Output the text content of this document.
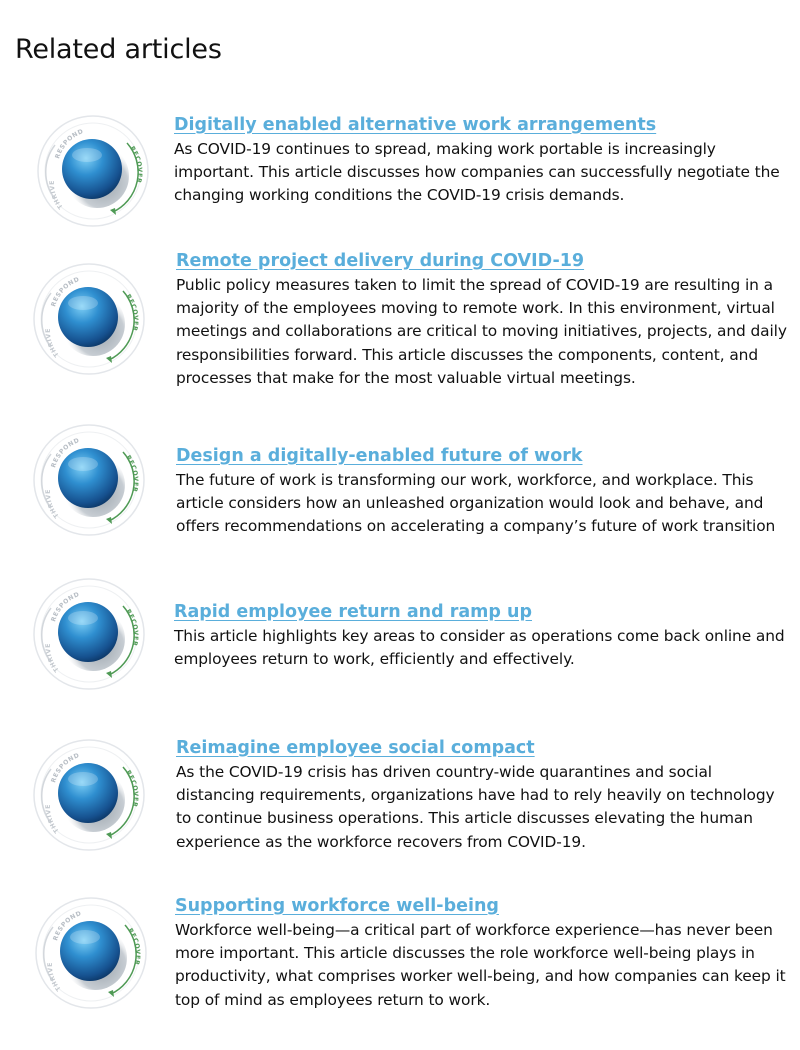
Related articles
RESPOND
RECOVER
THRIVE
Digitally enabled alternative work arrangements

As COVID-19 continues to spread, making work portable is increasingly important. This article discusses how companies can successfully negotiate the changing working conditions the COVID-19 crisis demands.

RESPOND
RECOVER
THRIVE
Remote project delivery during COVID-19

Public policy measures taken to limit the spread of COVID-19 are resulting in a majority of the employees moving to remote work. In this environment, virtual meetings and collaborations are critical to moving initiatives, projects, and daily responsibilities forward. This article discusses the components, content, and processes that make for the most valuable virtual meetings.

RESPOND
RECOVER
THRIVE
Design a digitally-enabled future of work

The future of work is transforming our work, workforce, and workplace. This article considers how an unleashed organization would look and behave, and offers recommendations on accelerating a company’s future of work transition

RESPOND
RECOVER
THRIVE
Rapid employee return and ramp up

This article highlights key areas to consider as operations come back online and employees return to work, efficiently and effectively.

RESPOND
RECOVER
THRIVE
Reimagine employee social compact

As the COVID-19 crisis has driven country-wide quarantines and social distancing requirements, organizations have had to rely heavily on technology to continue business operations. This article discusses elevating the human experience as the workforce recovers from COVID-19.

RESPOND
RECOVER
THRIVE
Supporting workforce well-being

Workforce well-being—a critical part of workforce experience—has never been more important. This article discusses the role workforce well-being plays in productivity, what comprises worker well-being, and how companies can keep it top of mind as employees return to work.
